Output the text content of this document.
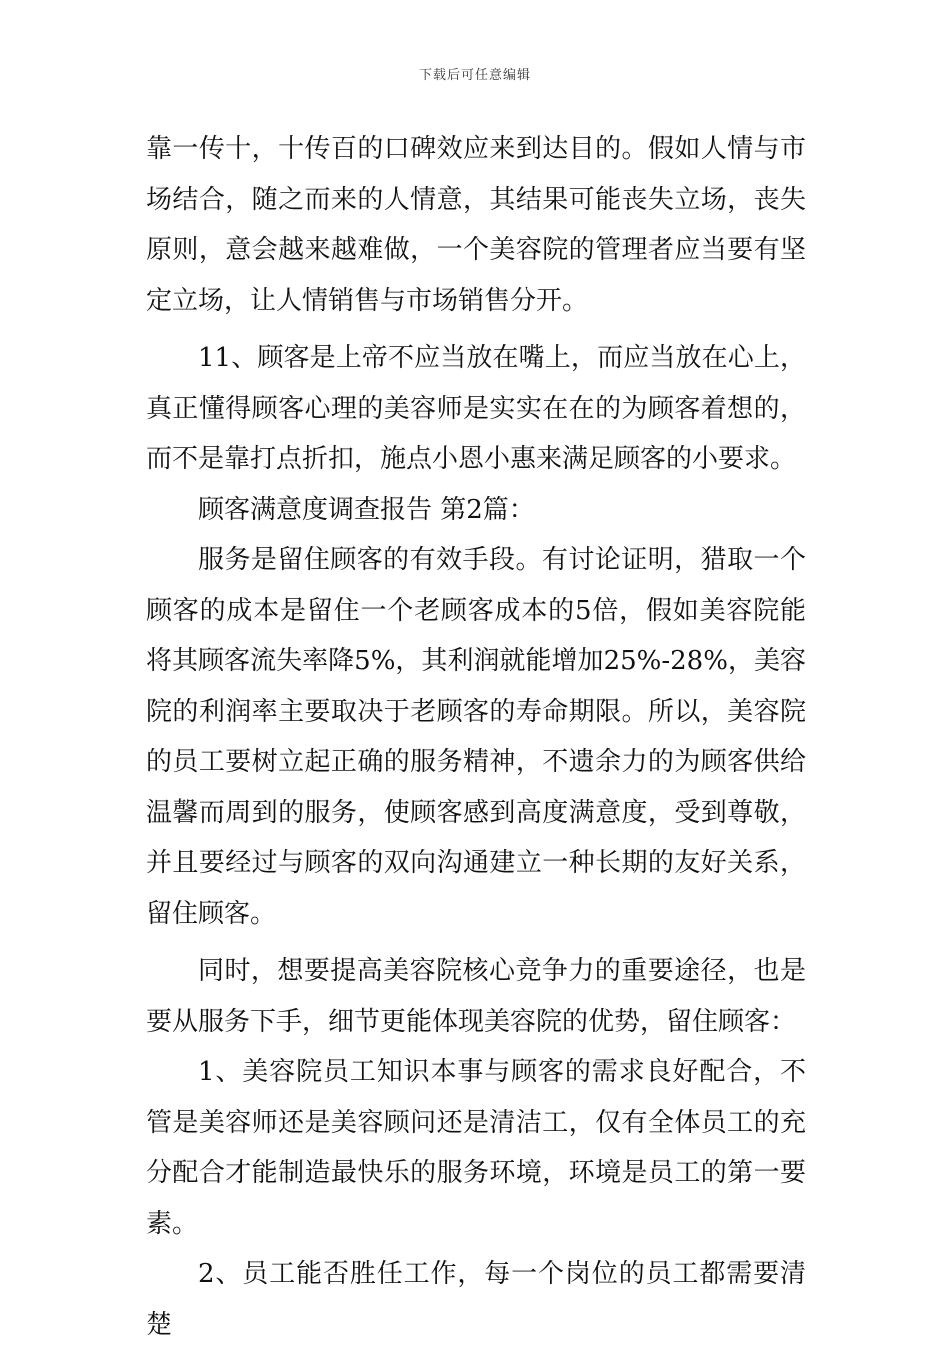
下载后可任意编辑

靠一传十，十传百的口碑效应来到达目的。假如人情与市场结合，随之而来的人情意，其结果可能丧失立场，丧失原则，意会越来越难做，一个美容院的管理者应当要有坚定立场，让人情销售与市场销售分开。

11、顾客是上帝不应当放在嘴上，而应当放在心上，真正懂得顾客心理的美容师是实实在在的为顾客着想的，而不是靠打点折扣，施点小恩小惠来满足顾客的小要求。

顾客满意度调查报告 第2篇：

服务是留住顾客的有效手段。有讨论证明，猎取一个顾客的成本是留住一个老顾客成本的5倍，假如美容院能将其顾客流失率降5%，其利润就能增加25%-28%，美容院的利润率主要取决于老顾客的寿命期限。所以，美容院的员工要树立起正确的服务精神，不遗余力的为顾客供给温馨而周到的服务，使顾客感到高度满意度，受到尊敬，并且要经过与顾客的双向沟通建立一种长期的友好关系，留住顾客。

同时，想要提高美容院核心竞争力的重要途径，也是要从服务下手，细节更能体现美容院的优势，留住顾客：

1、美容院员工知识本事与顾客的需求良好配合，不管是美容师还是美容顾问还是清洁工，仅有全体员工的充分配合才能制造最快乐的服务环境，环境是员工的第一要素。

2、员工能否胜任工作，每一个岗位的员工都需要清楚
